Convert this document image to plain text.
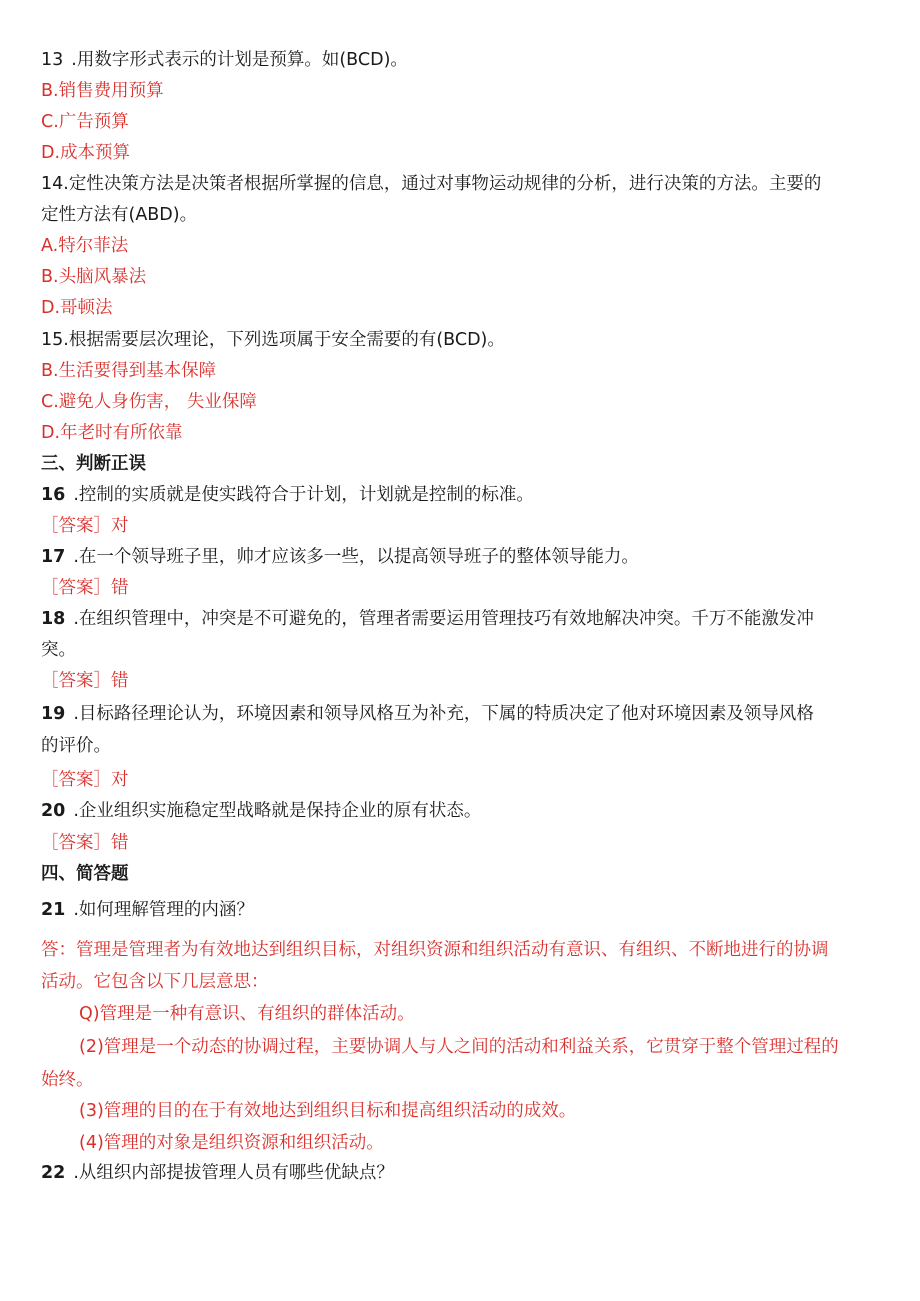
13 .用数字形式表示的计划是预算。如(BCD)。
B.销售费用预算
C.广告预算
D.成本预算
14.定性决策方法是决策者根据所掌握的信息，通过对事物运动规律的分析，进行决策的方法。主要的
定性方法有(ABD)。
A.特尔菲法
B.头脑风暴法
D.哥顿法
15.根据需要层次理论，下列选项属于安全需要的有(BCD)。
B.生活要得到基本保障
C.避免人身伤害， 失业保障
D.年老时有所依靠
三、判断正误
16 .控制的实质就是使实践符合于计划，计划就是控制的标准。
［答案］对
17 .在一个领导班子里，帅才应该多一些，以提高领导班子的整体领导能力。
［答案］错
18 .在组织管理中，冲突是不可避免的，管理者需要运用管理技巧有效地解决冲突。千万不能激发冲
突。
［答案］错
19 .目标路径理论认为，环境因素和领导风格互为补充，下属的特质决定了他对环境因素及领导风格
的评价。
［答案］对
20 .企业组织实施稳定型战略就是保持企业的原有状态。
［答案］错
四、简答题
21 .如何理解管理的内涵？
答：管理是管理者为有效地达到组织目标，对组织资源和组织活动有意识、有组织、不断地进行的协调
活动。它包含以下几层意思：
Q)管理是一种有意识、有组织的群体活动。
(2)管理是一个动态的协调过程，主要协调人与人之间的活动和利益关系，它贯穿于整个管理过程的
始终。
(3)管理的目的在于有效地达到组织目标和提高组织活动的成效。
(4)管理的对象是组织资源和组织活动。
22 .从组织内部提拔管理人员有哪些优缺点？
